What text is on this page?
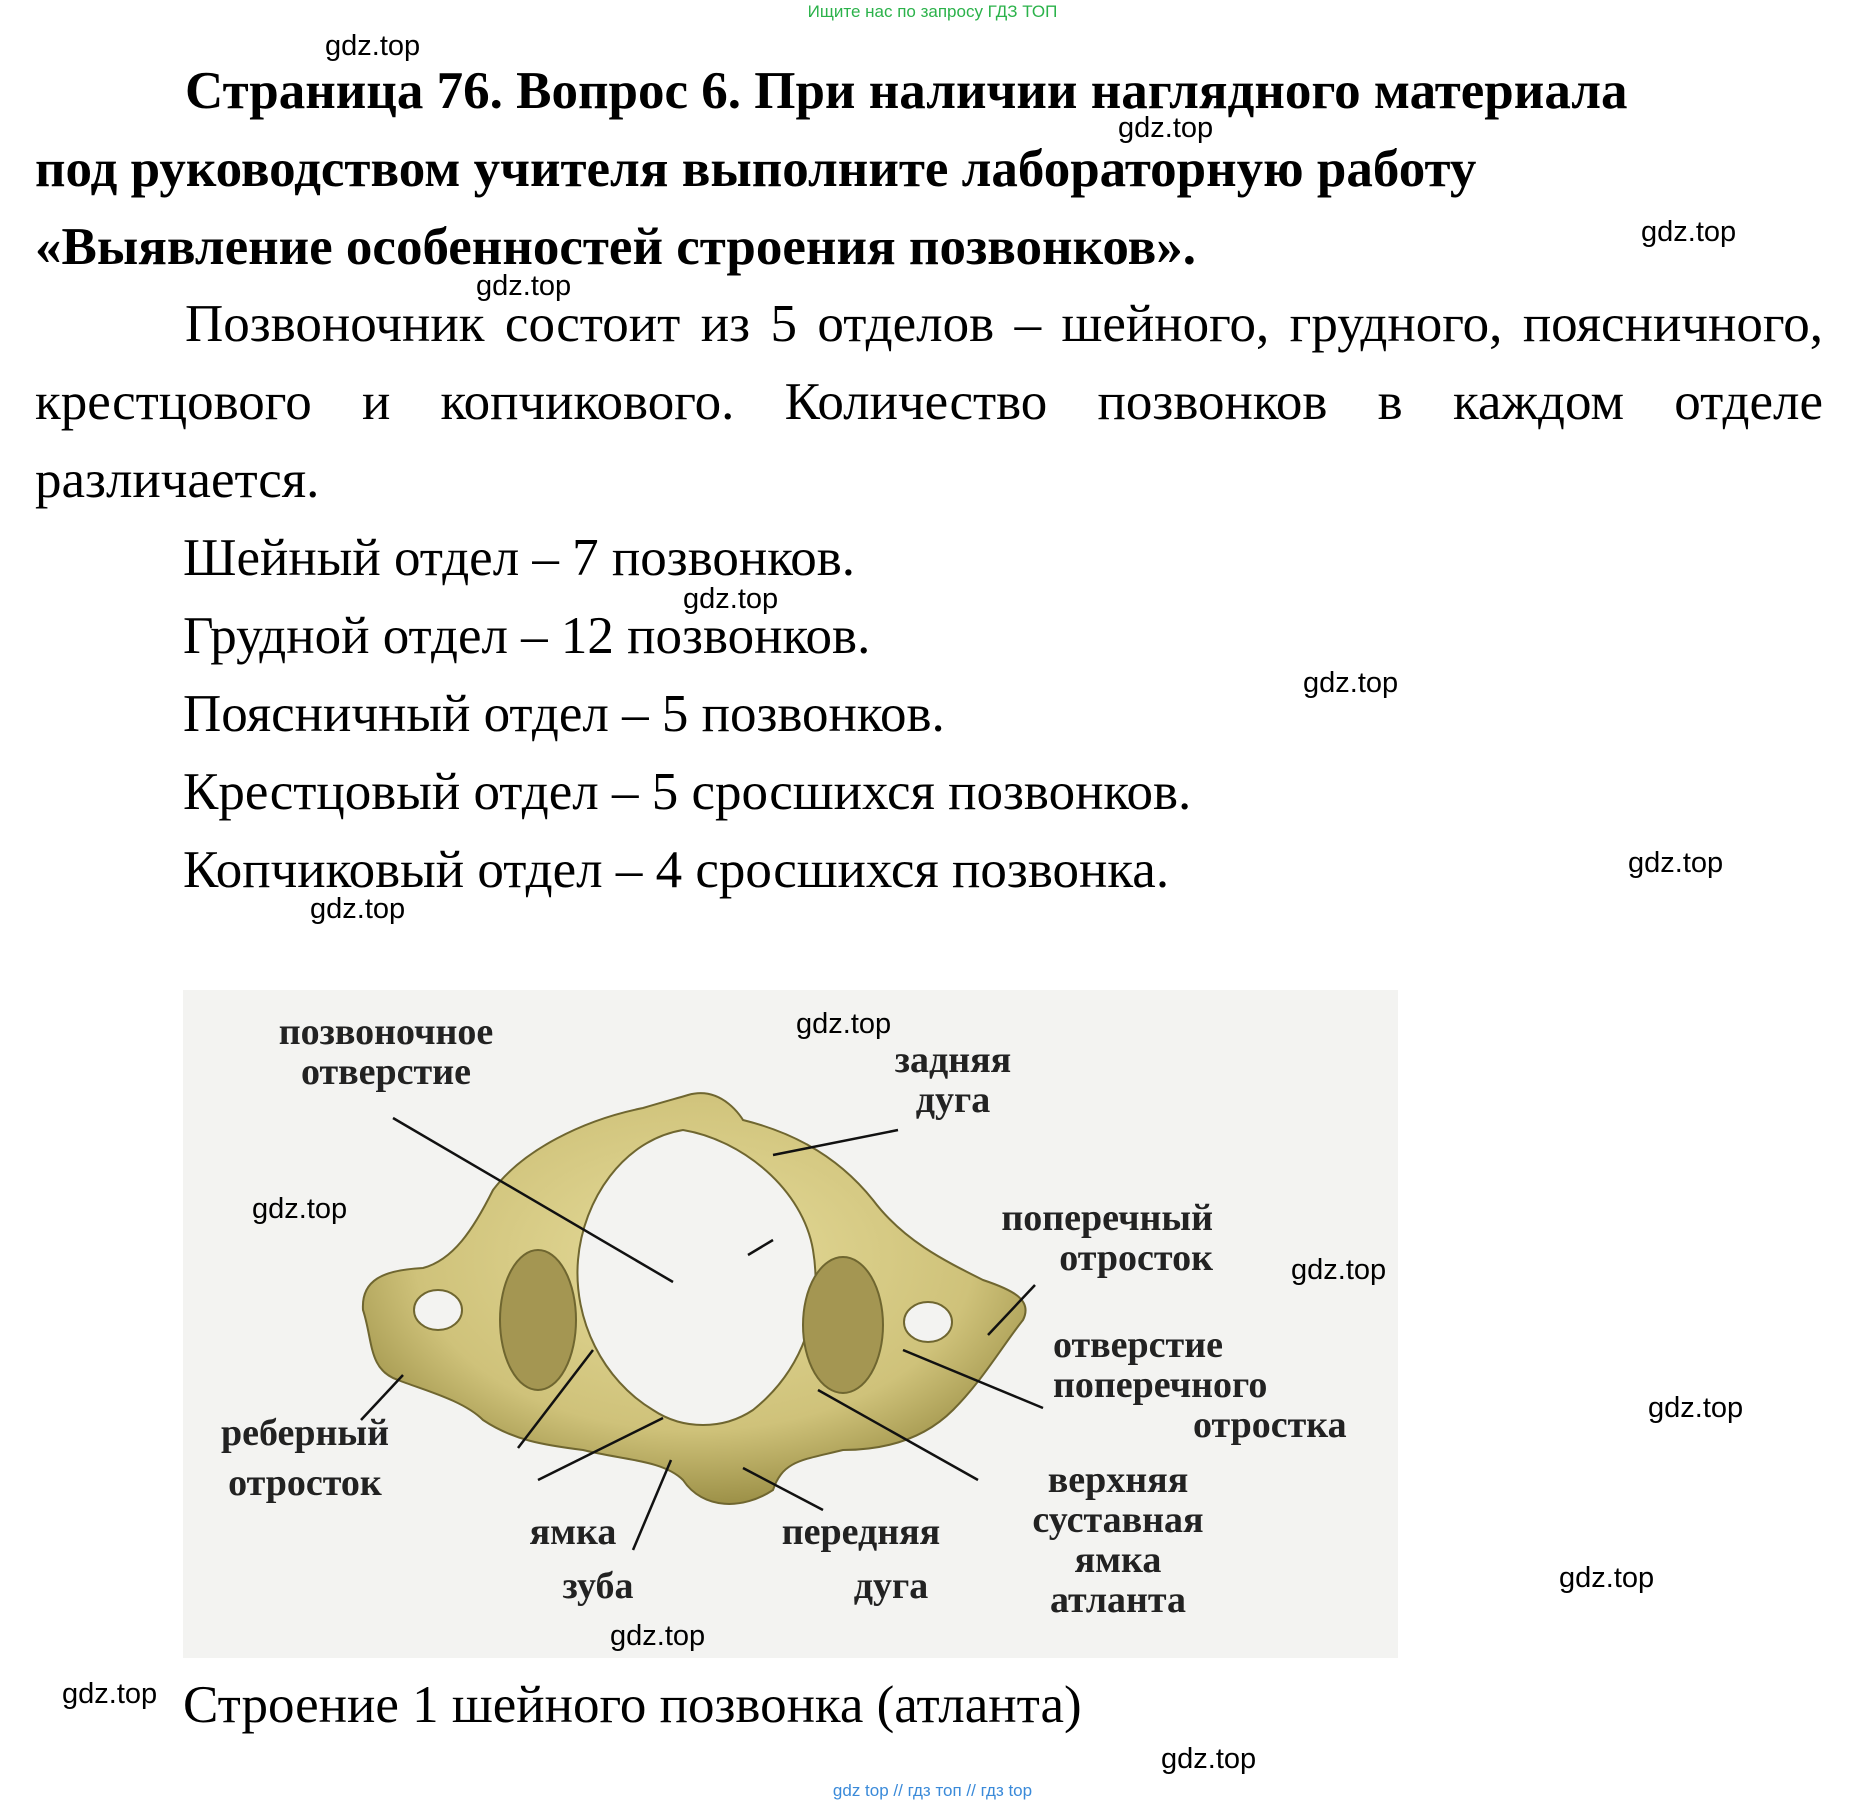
Ищите нас по запросу ГДЗ ТОП
Страница 76. Вопрос 6. При наличии наглядного материала
под руководством учителя выполните лабораторную работу
«Выявление особенностей строения позвонков».
Позвоночник состоит из 5 отделов – шейного, грудного, поясничного, крестцового и копчикового. Количество позвонков в каждом отделе различается.
Шейный отдел – 7 позвонков.
Грудной отдел – 12 позвонков.
Поясничный отдел – 5 позвонков.
Крестцовый отдел – 5 сросшихся позвонков.
Копчиковый отдел – 4 сросшихся позвонка.
позвоночное
отверстие	задняя
дуга
поперечный
отросток
отверстие
поперечного
отростка
реберный
отросток
ямка
зуба
передняя
дуга
верхняя
суставная
ямка
атланта
Строение 1 шейного позвонка (атланта)
gdz top // гдз топ // гдз top
gdz.top
gdz.top
gdz.top
gdz.top
gdz.top
gdz.top
gdz.top
gdz.top
gdz.top
gdz.top
gdz.top
gdz.top
gdz.top
gdz.top
gdz.top
gdz.top
